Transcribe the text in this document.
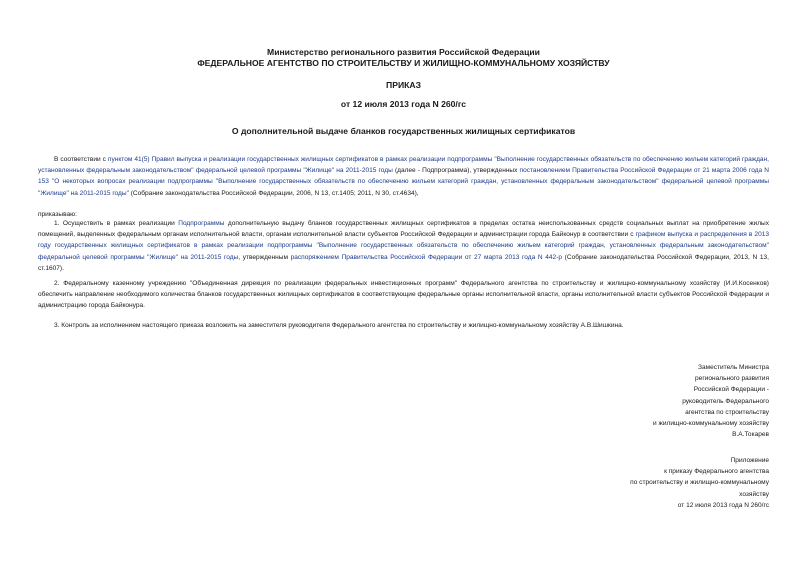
Министерство регионального развития Российской Федерации
ФЕДЕРАЛЬНОЕ АГЕНТСТВО ПО СТРОИТЕЛЬСТВУ И ЖИЛИЩНО-КОММУНАЛЬНОМУ ХОЗЯЙСТВУ
ПРИКАЗ
от 12 июля 2013 года N 260/гс
О дополнительной выдаче бланков государственных жилищных сертификатов
В соответствии с пунктом 41(5) Правил выпуска и реализации государственных жилищных сертификатов в рамках реализации подпрограммы "Выполнение государственных обязательств по обеспечению жильем категорий граждан, установленных федеральным законодательством" федеральной целевой программы "Жилище" на 2011-2015 годы (далее - Подпрограмма), утвержденных постановлением Правительства Российской Федерации от 21 марта 2006 года N 153 "О некоторых вопросах реализации подпрограммы "Выполнение государственных обязательств по обеспечению жильем категорий граждан, установленных федеральным законодательством" федеральной целевой программы "Жилище" на 2011-2015 годы" (Собрание законодательства Российской Федерации, 2006, N 13, ст.1405; 2011, N 30, ст.4634),
приказываю:
1. Осуществить в рамках реализации Подпрограммы дополнительную выдачу бланков государственных жилищных сертификатов в пределах остатка неиспользованных средств социальных выплат на приобретение жилых помещений, выделенных федеральным органам исполнительной власти, органам исполнительной власти субъектов Российской Федерации и администрации города Байконур в соответствии с графиком выпуска и распределения в 2013 году государственных жилищных сертификатов в рамках реализации подпрограммы "Выполнение государственных обязательств по обеспечению жильем категорий граждан, установленных федеральным законодательством" федеральной целевой программы "Жилище" на 2011-2015 годы, утвержденным распоряжением Правительства Российской Федерации от 27 марта 2013 года N 442-р (Собрание законодательства Российской Федерации, 2013, N 13, ст.1607).
2. Федеральному казенному учреждению "Объединенная дирекция по реализации федеральных инвестиционных программ" Федерального агентства по строительству и жилищно-коммунальному хозяйству (И.И.Косенков) обеспечить направление необходимого количества бланков государственных жилищных сертификатов в соответствующие федеральные органы исполнительной власти, органы исполнительной власти субъектов Российской Федерации и администрацию города Байконура.
3. Контроль за исполнением настоящего приказа возложить на заместителя руководителя Федерального агентства по строительству и жилищно-коммунальному хозяйству А.В.Шишкина.
Заместитель Министра
регионального развития
Российской Федерации -
руководитель Федерального
агентства по строительству
и жилищно-коммунальному хозяйству
В.А.Токарев
Приложение
к приказу Федерального агентства
по строительству и жилищно-коммунальному
хозяйству
от 12 июля 2013 года N 260/гс
